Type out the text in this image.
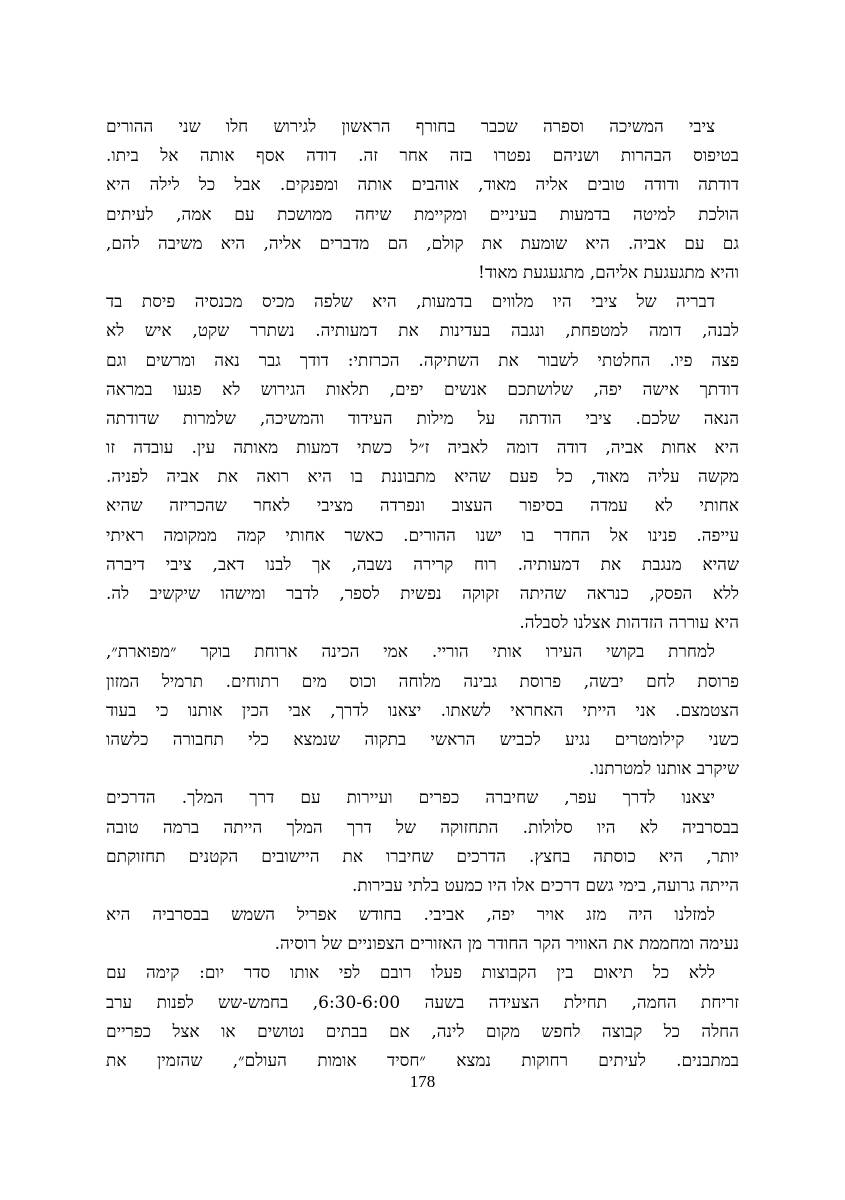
ציבי המשיכה וספרה שכבר בחורף הראשון לגירוש חלו שני ההורים
בטיפוס הבהרות ושניהם נפטרו בזה אחר זה. דודה אסף אותה אל ביתו.
דודתה ודודה טובים אליה מאוד, אוהבים אותה ומפנקים. אבל כל לילה היא
הולכת למיטה בדמעות בעיניים ומקיימת שיחה ממושכת עם אמה, לעיתים
גם עם אביה. היא שומעת את קולם, הם מדברים אליה, היא משיבה להם,
והיא מתגעגעת אליהם, מתגעגעת מאוד!
דבריה של ציבי היו מלווים בדמעות, היא שלפה מכיס מכנסיה פיסת בד
לבנה, דומה למטפחת, ונגבה בעדינות את דמעותיה. נשתרר שקט, איש לא
פצה פיו. החלטתי לשבור את השתיקה. הכרזתי: דודך גבר נאה ומרשים וגם
דודתך אישה יפה, שלושתכם אנשים יפים, תלאות הגירוש לא פגעו במראה
הנאה שלכם. ציבי הודתה על מילות העידוד והמשיכה, שלמרות שדודתה
היא אחות אביה, דודה דומה לאביה ז״ל כשתי דמעות מאותה עין. עובדה זו
מקשה עליה מאוד, כל פעם שהיא מתבוננת בו היא רואה את אביה לפניה.
אחותי לא עמדה בסיפור העצוב ונפרדה מציבי לאחר שהכריזה שהיא
עייפה. פנינו אל החדר בו ישנו ההורים. כאשר אחותי קמה ממקומה ראיתי
שהיא מנגבת את דמעותיה. רוח קרירה נשבה, אך לבנו דאב, ציבי דיברה
ללא הפסק, כנראה שהיתה זקוקה נפשית לספר, לדבר ומישהו שיקשיב לה.
היא עוררה הזדהות אצלנו לסבלה.
למחרת בקושי העירו אותי הוריי. אמי הכינה ארוחת בוקר ״מפוארת״,
פרוסת לחם יבשה, פרוסת גבינה מלוחה וכוס מים רתוחים. תרמיל המזון
הצטמצם. אני הייתי האחראי לשאתו. יצאנו לדרך, אבי הכין אותנו כי בעוד
כשני קילומטרים נגיע לכביש הראשי בתקוה שנמצא כלי תחבורה כלשהו
שיקרב אותנו למטרתנו.
יצאנו לדרך עפר, שחיברה כפרים ועיירות עם דרך המלך. הדרכים
בבסרביה לא היו סלולות. התחזוקה של דרך המלך הייתה ברמה טובה
יותר, היא כוסתה בחצץ. הדרכים שחיברו את היישובים הקטנים תחזוקתם
הייתה גרועה, בימי גשם דרכים אלו היו כמעט בלתי עבירות.
למזלנו היה מזג אויר יפה, אביבי. בחודש אפריל השמש בבסרביה היא
נעימה ומחממת את האוויר הקר החודר מן האזורים הצפוניים של רוסיה.
ללא כל תיאום בין הקבוצות פעלו רובם לפי אותו סדר יום: קימה עם
זריחת החמה, תחילת הצעידה בשעה 6:30-6:00, בחמש-שש לפנות ערב
החלה כל קבוצה לחפש מקום לינה, אם בבתים נטושים או אצל כפריים
במתבנים. לעיתים רחוקות נמצא ״חסיד אומות העולם״, שהזמין את
178
